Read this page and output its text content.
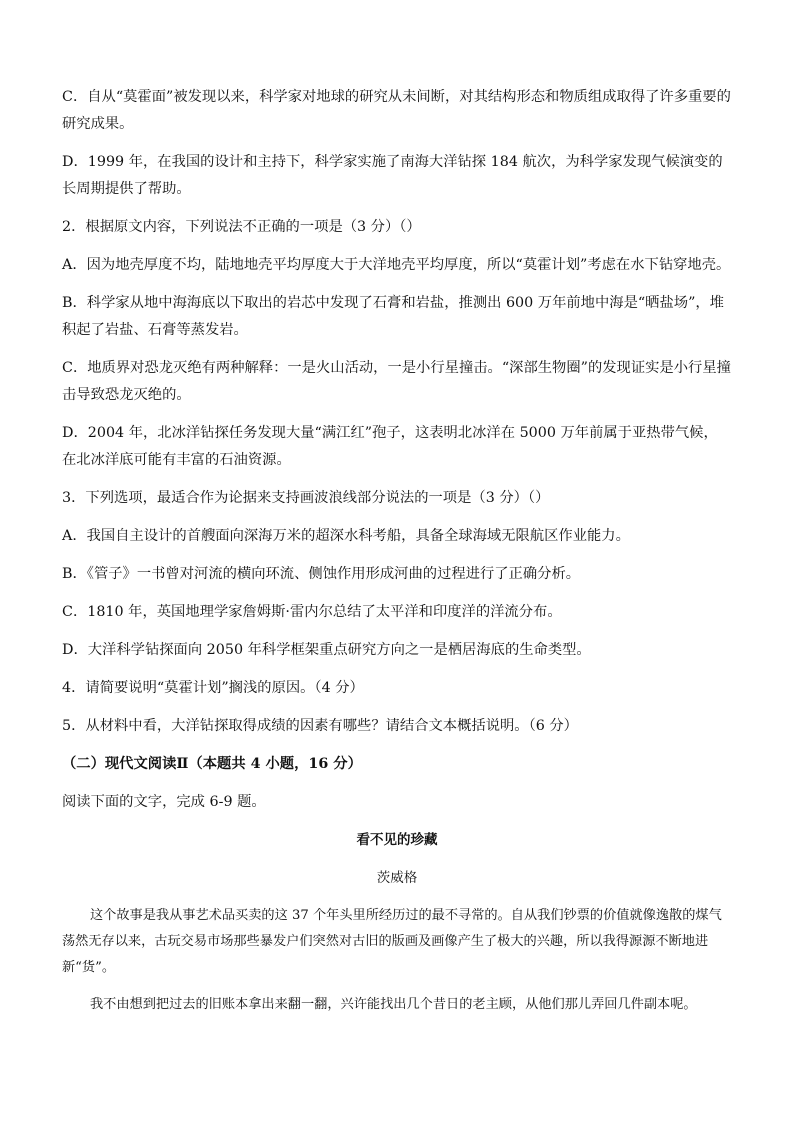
C．自从“莫霍面”被发现以来，科学家对地球的研究从未间断，对其结构形态和物质组成取得了许多重要的研究成果。

D．1999 年，在我国的设计和主持下，科学家实施了南海大洋钻探 184 航次，为科学家发现气候演变的长周期提供了帮助。

2．根据原文内容，下列说法不正确的一项是（3 分）（）

A．因为地壳厚度不均，陆地地壳平均厚度大于大洋地壳平均厚度，所以“莫霍计划”考虑在水下钻穿地壳。

B．科学家从地中海海底以下取出的岩芯中发现了石膏和岩盐，推测出 600 万年前地中海是“晒盐场”，堆积起了岩盐、石膏等蒸发岩。

C．地质界对恐龙灭绝有两种解释：一是火山活动，一是小行星撞击。“深部生物圈”的发现证实是小行星撞击导致恐龙灭绝的。

D．2004 年，北冰洋钻探任务发现大量“满江红”孢子，这表明北冰洋在 5000 万年前属于亚热带气候，在北冰洋底可能有丰富的石油资源。

3．下列选项，最适合作为论据来支持画波浪线部分说法的一项是（3 分）（）

A．我国自主设计的首艘面向深海万米的超深水科考船，具备全球海域无限航区作业能力。

B．《管子》一书曾对河流的横向环流、侧蚀作用形成河曲的过程进行了正确分析。

C．1810 年，英国地理学家詹姆斯·雷内尔总结了太平洋和印度洋的洋流分布。

D．大洋科学钻探面向 2050 年科学框架重点研究方向之一是栖居海底的生命类型。

4．请简要说明“莫霍计划”搁浅的原因。（4 分）

5．从材料中看，大洋钻探取得成绩的因素有哪些？请结合文本概括说明。（6 分）

（二）现代文阅读Ⅱ（本题共 4 小题，16 分）

阅读下面的文字，完成 6-9 题。

看不见的珍藏

茨威格

这个故事是我从事艺术品买卖的这 37 个年头里所经历过的最不寻常的。自从我们钞票的价值就像逸散的煤气荡然无存以来，古玩交易市场那些暴发户们突然对古旧的版画及画像产生了极大的兴趣，所以我得源源不断地进新“货”。

我不由想到把过去的旧账本拿出来翻一翻，兴许能找出几个昔日的老主顾，从他们那儿弄回几件副本呢。
